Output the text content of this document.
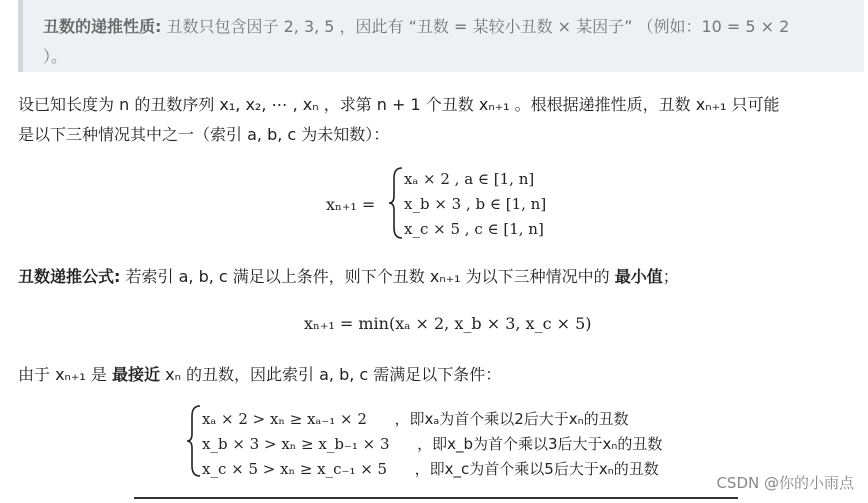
丑数的递推性质: 丑数只包含因子 2, 3, 5 ，因此有 “丑数 = 某较小丑数 × 某因子” （例如：10 = 5 × 2
）。
设已知长度为 n 的丑数序列 x₁, x₂, ⋯ , xₙ ，求第 n + 1 个丑数 xₙ₊₁ 。根根据递推性质，丑数 xₙ₊₁ 只可能
是以下三种情况其中之一（索引 a, b, c 为未知数）：
xₙ₊₁ =
xₐ × 2 , a ∈ [1, n]
x_b × 3 , b ∈ [1, n]
x_c × 5 , c ∈ [1, n]
丑数递推公式: 若索引 a, b, c 满足以上条件，则下个丑数 xₙ₊₁ 为以下三种情况中的 最小值；
xₙ₊₁ = min(xₐ × 2, x_b × 3, x_c × 5)
由于 xₙ₊₁ 是 最接近 xₙ 的丑数，因此索引 a, b, c 需满足以下条件：
xₐ × 2 > xₙ ≥ xₐ₋₁ × 2 ，即xₐ为首个乘以2后大于xₙ的丑数
x_b × 3 > xₙ ≥ x_b₋₁ × 3 ，即x_b为首个乘以3后大于xₙ的丑数
x_c × 5 > xₙ ≥ x_c₋₁ × 5 ，即x_c为首个乘以5后大于xₙ的丑数
CSDN @你的小雨点
